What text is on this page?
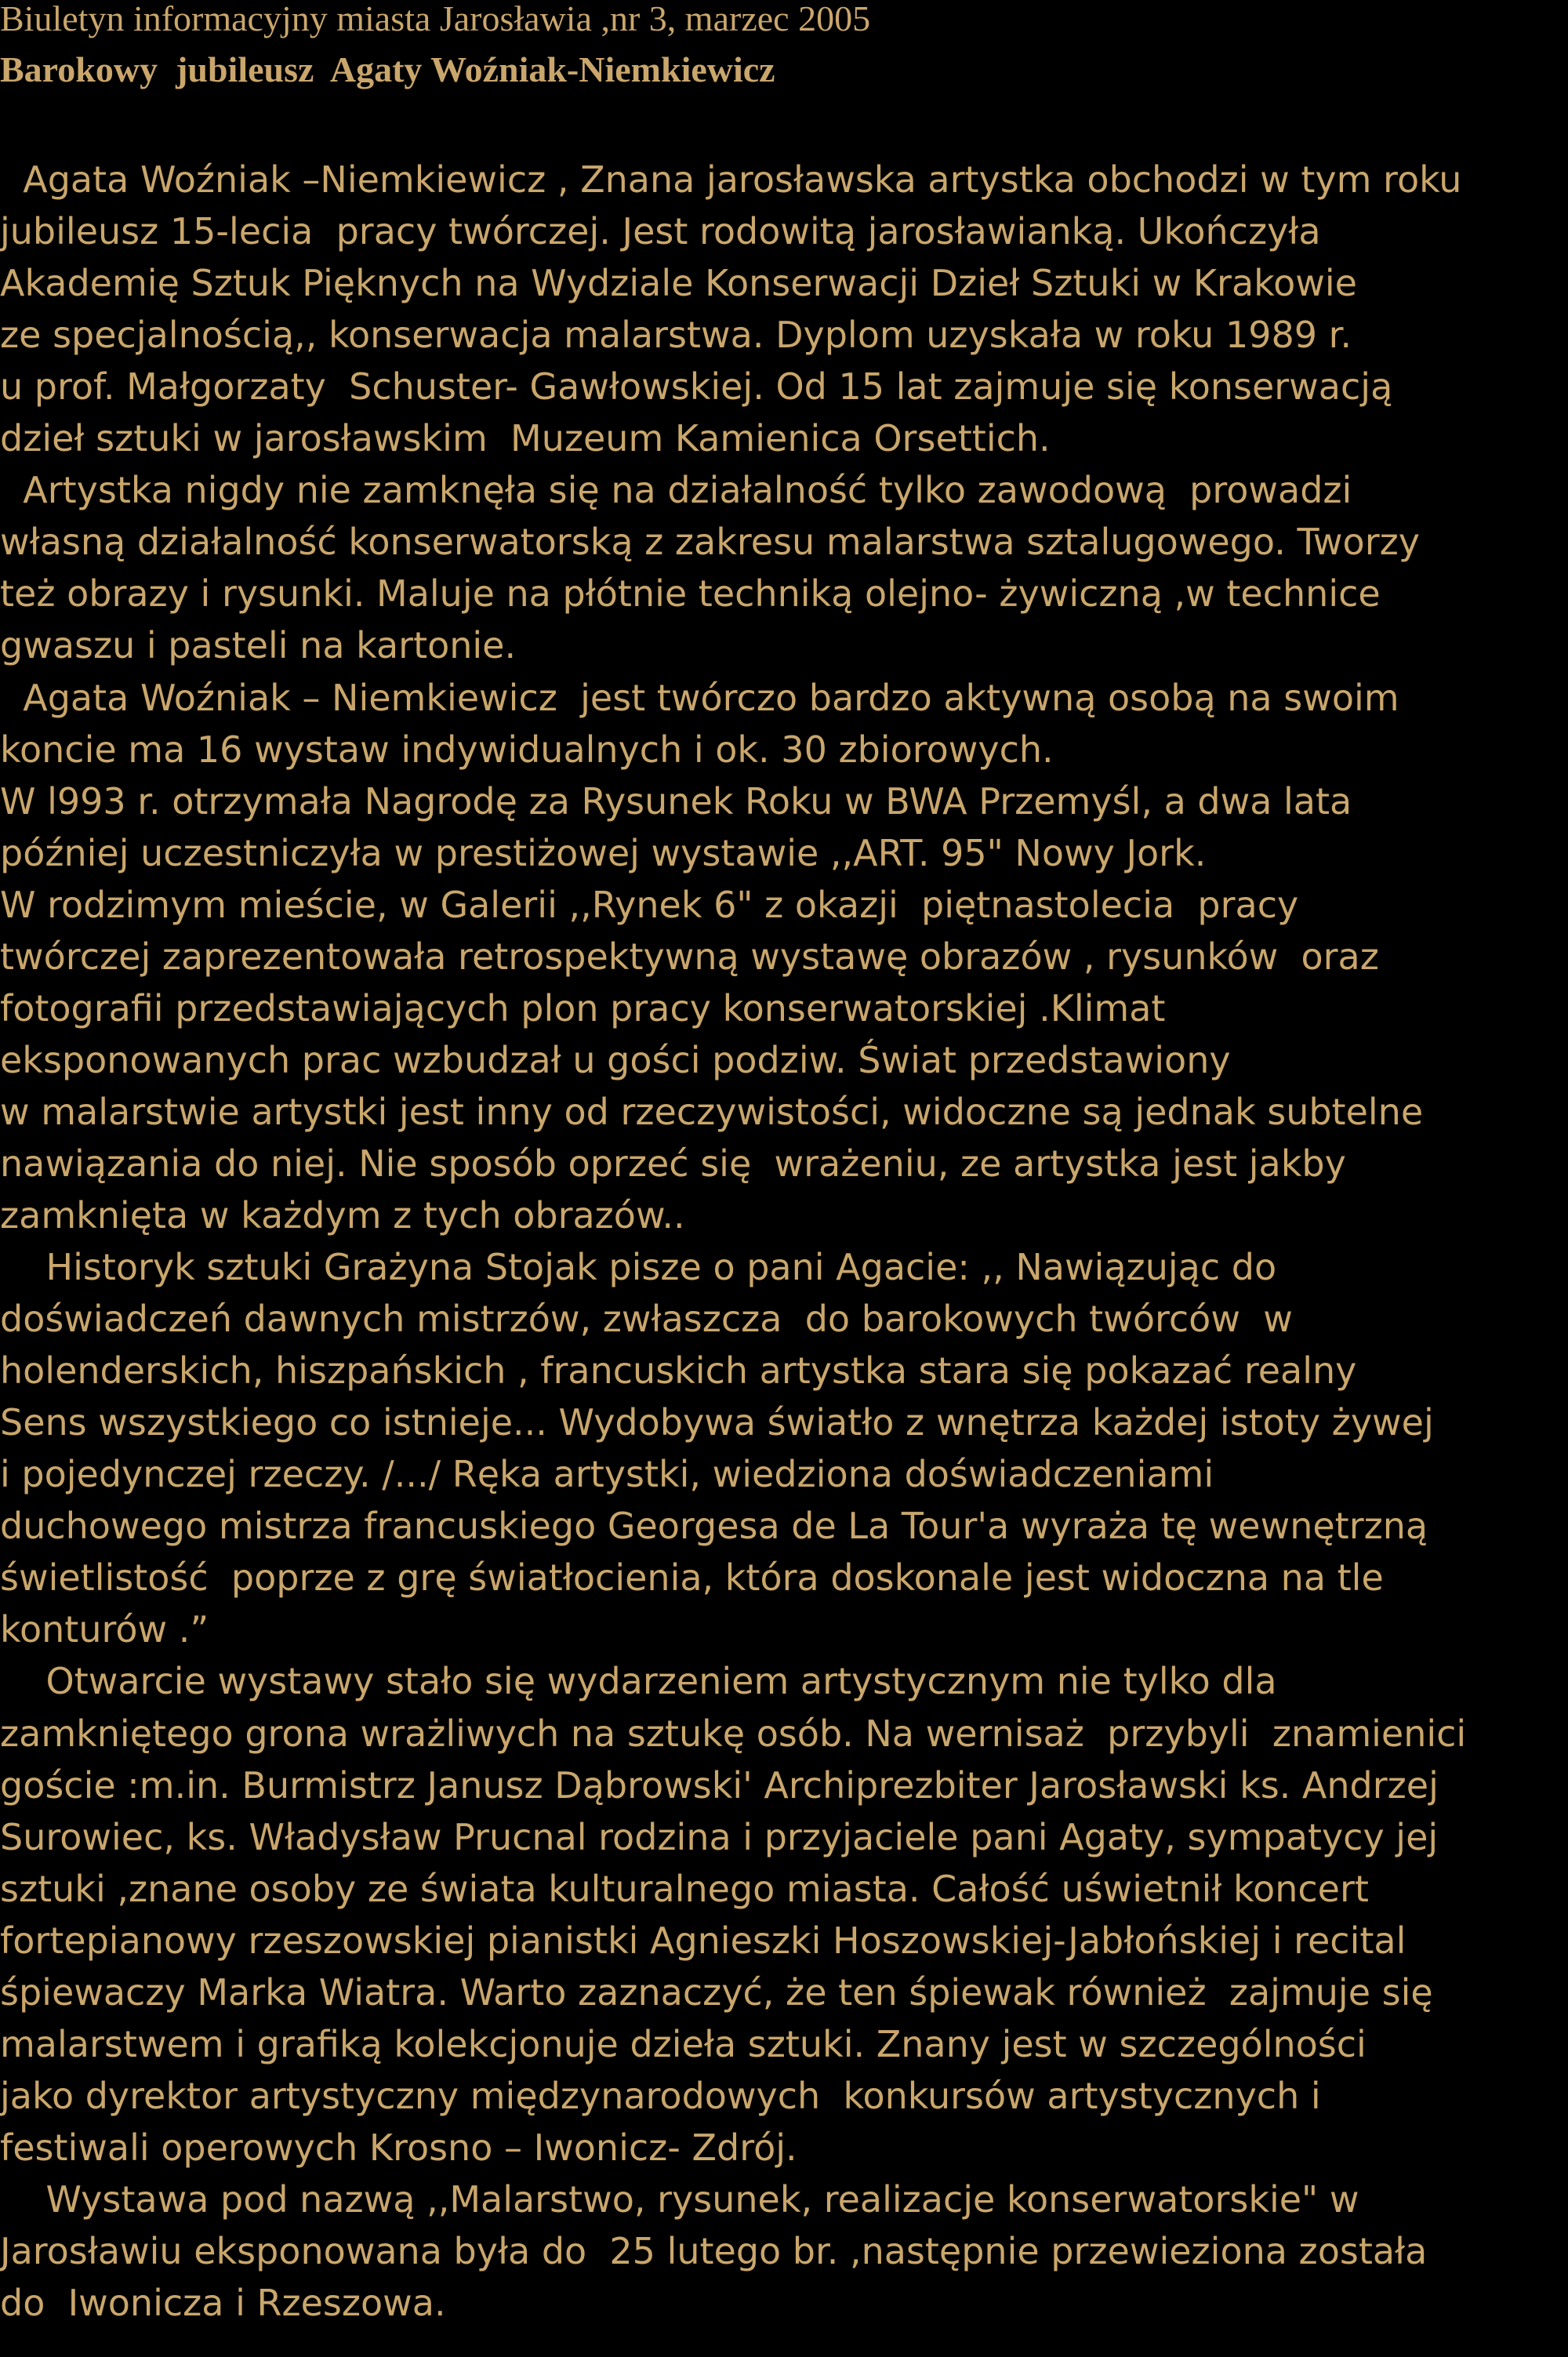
Biuletyn informacyjny miasta Jarosławia ,nr 3, marzec 2005
Barokowy  jubileusz  Agaty Woźniak-Niemkiewicz
Agata Woźniak –Niemkiewicz , Znana jarosławska artystka obchodzi w tym roku
jubileusz 15-lecia  pracy twórczej. Jest rodowitą jarosławianką. Ukończyła
Akademię Sztuk Pięknych na Wydziale Konserwacji Dzieł Sztuki w Krakowie
ze specjalnością,, konserwacja malarstwa. Dyplom uzyskała w roku 1989 r.
u prof. Małgorzaty  Schuster- Gawłowskiej. Od 15 lat zajmuje się konserwacją
dzieł sztuki w jarosławskim  Muzeum Kamienica Orsettich.
Artystka nigdy nie zamknęła się na działalność tylko zawodową  prowadzi
własną działalność konserwatorską z zakresu malarstwa sztalugowego. Tworzy
też obrazy i rysunki. Maluje na płótnie techniką olejno- żywiczną ,w technice
gwaszu i pasteli na kartonie.
Agata Woźniak – Niemkiewicz  jest twórczo bardzo aktywną osobą na swoim
koncie ma 16 wystaw indywidualnych i ok. 30 zbiorowych.
W l993 r. otrzymała Nagrodę za Rysunek Roku w BWA Przemyśl, a dwa lata
później uczestniczyła w prestiżowej wystawie ,,ART. 95" Nowy Jork.
W rodzimym mieście, w Galerii ,,Rynek 6" z okazji  piętnastolecia  pracy
twórczej zaprezentowała retrospektywną wystawę obrazów , rysunków  oraz
fotografii przedstawiających plon pracy konserwatorskiej .Klimat
eksponowanych prac wzbudzał u gości podziw. Świat przedstawiony
w malarstwie artystki jest inny od rzeczywistości, widoczne są jednak subtelne
nawiązania do niej. Nie sposób oprzeć się  wrażeniu, ze artystka jest jakby
zamknięta w każdym z tych obrazów..
Historyk sztuki Grażyna Stojak pisze o pani Agacie: ,, Nawiązując do
doświadczeń dawnych mistrzów, zwłaszcza  do barokowych twórców  w
holenderskich, hiszpańskich , francuskich artystka stara się pokazać realny
Sens wszystkiego co istnieje... Wydobywa światło z wnętrza każdej istoty żywej
i pojedynczej rzeczy. /.../ Ręka artystki, wiedziona doświadczeniami
duchowego mistrza francuskiego Georgesa de La Tour'a wyraża tę wewnętrzną
świetlistość  poprze z grę światłocienia, która doskonale jest widoczna na tle
konturów .”
Otwarcie wystawy stało się wydarzeniem artystycznym nie tylko dla
zamkniętego grona wrażliwych na sztukę osób. Na wernisaż  przybyli  znamienici
goście :m.in. Burmistrz Janusz Dąbrowski' Archiprezbiter Jarosławski ks. Andrzej
Surowiec, ks. Władysław Prucnal rodzina i przyjaciele pani Agaty, sympatycy jej
sztuki ,znane osoby ze świata kulturalnego miasta. Całość uświetnił koncert
fortepianowy rzeszowskiej pianistki Agnieszki Hoszowskiej-Jabłońskiej i recital
śpiewaczy Marka Wiatra. Warto zaznaczyć, że ten śpiewak również  zajmuje się
malarstwem i grafiką kolekcjonuje dzieła sztuki. Znany jest w szczególności
jako dyrektor artystyczny międzynarodowych  konkursów artystycznych i
festiwali operowych Krosno – Iwonicz- Zdrój.
Wystawa pod nazwą ,,Malarstwo, rysunek, realizacje konserwatorskie" w
Jarosławiu eksponowana była do  25 lutego br. ,następnie przewieziona została
do  Iwonicza i Rzeszowa.
